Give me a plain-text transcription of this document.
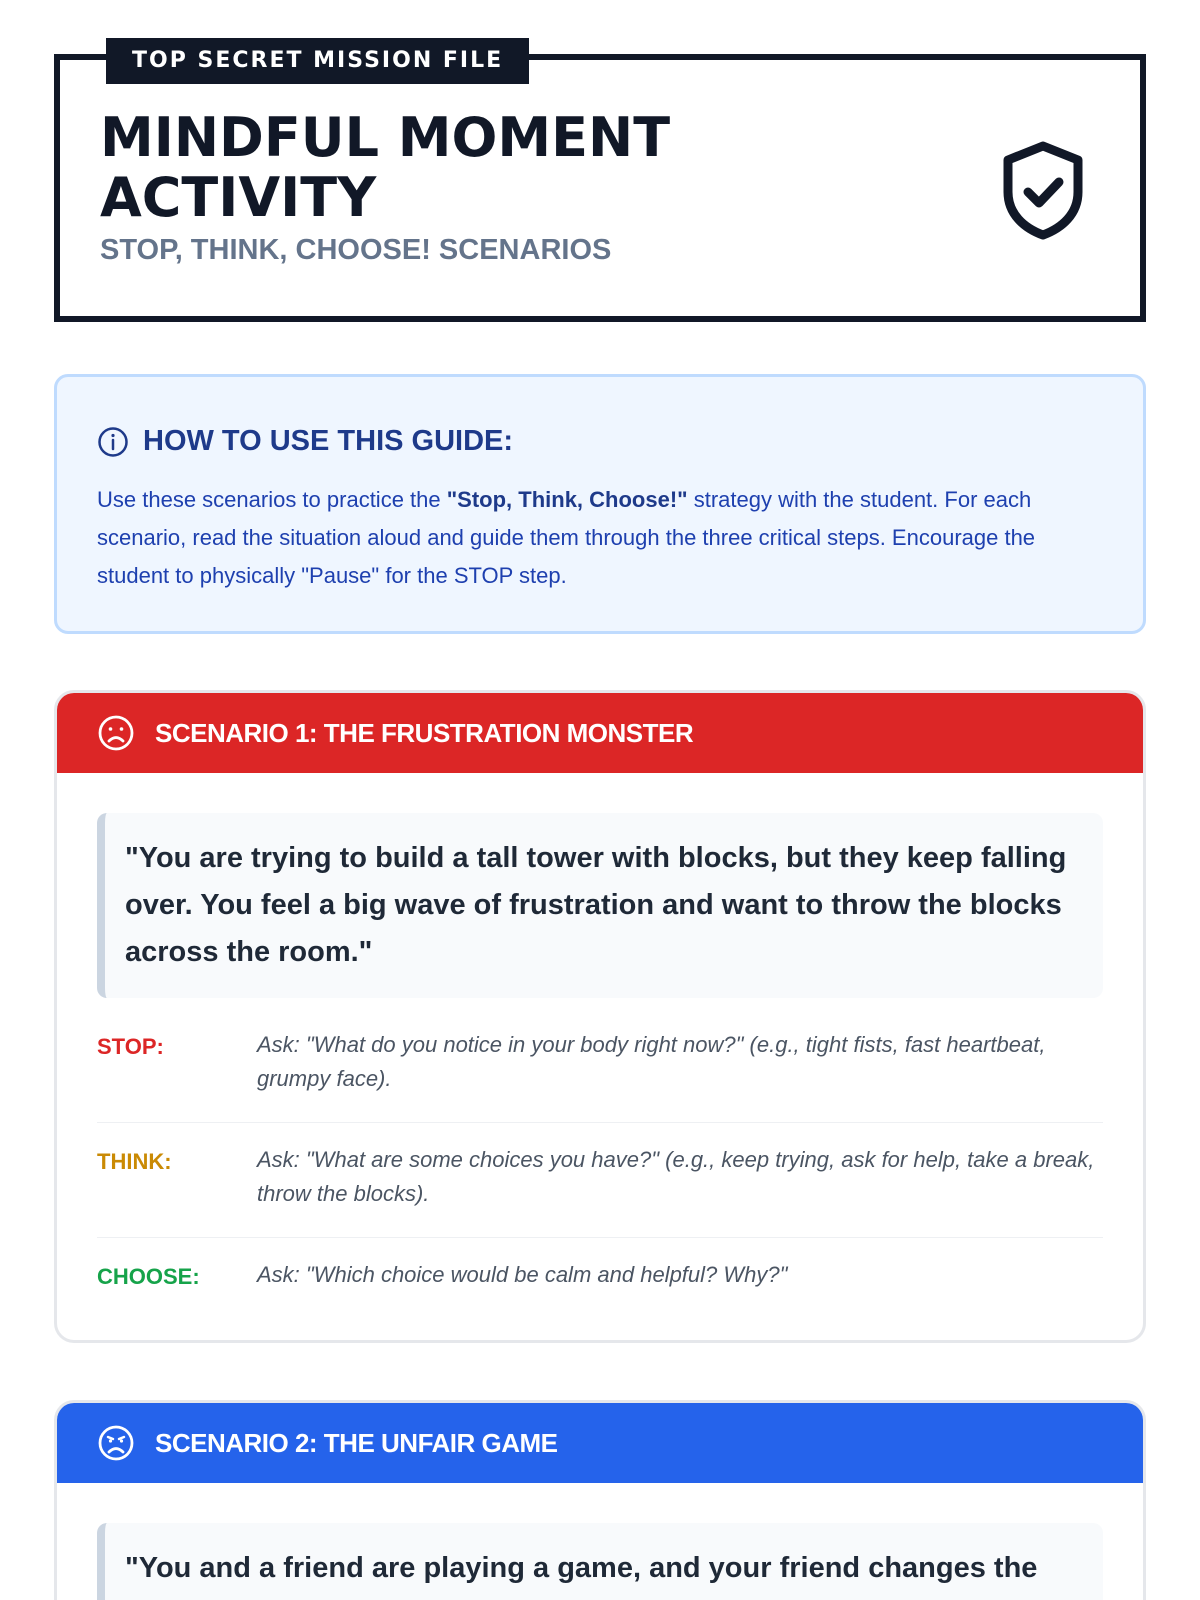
TOP SECRET MISSION FILE
MINDFUL MOMENT ACTIVITY
STOP, THINK, CHOOSE! SCENARIOS
HOW TO USE THIS GUIDE:
Use these scenarios to practice the "Stop, Think, Choose!" strategy with the student. For each scenario, read the situation aloud and guide them through the three critical steps. Encourage the student to physically "Pause" for the STOP step.
SCENARIO 1: THE FRUSTRATION MONSTER
"You are trying to build a tall tower with blocks, but they keep falling over. You feel a big wave of frustration and want to throw the blocks across the room."
STOP:	Ask: "What do you notice in your body right now?" (e.g., tight fists, fast heartbeat, grumpy face).
THINK:	Ask: "What are some choices you have?" (e.g., keep trying, ask for help, take a break, throw the blocks).
CHOOSE:	Ask: "Which choice would be calm and helpful? Why?"
SCENARIO 2: THE UNFAIR GAME
"You and a friend are playing a game, and your friend changes the
